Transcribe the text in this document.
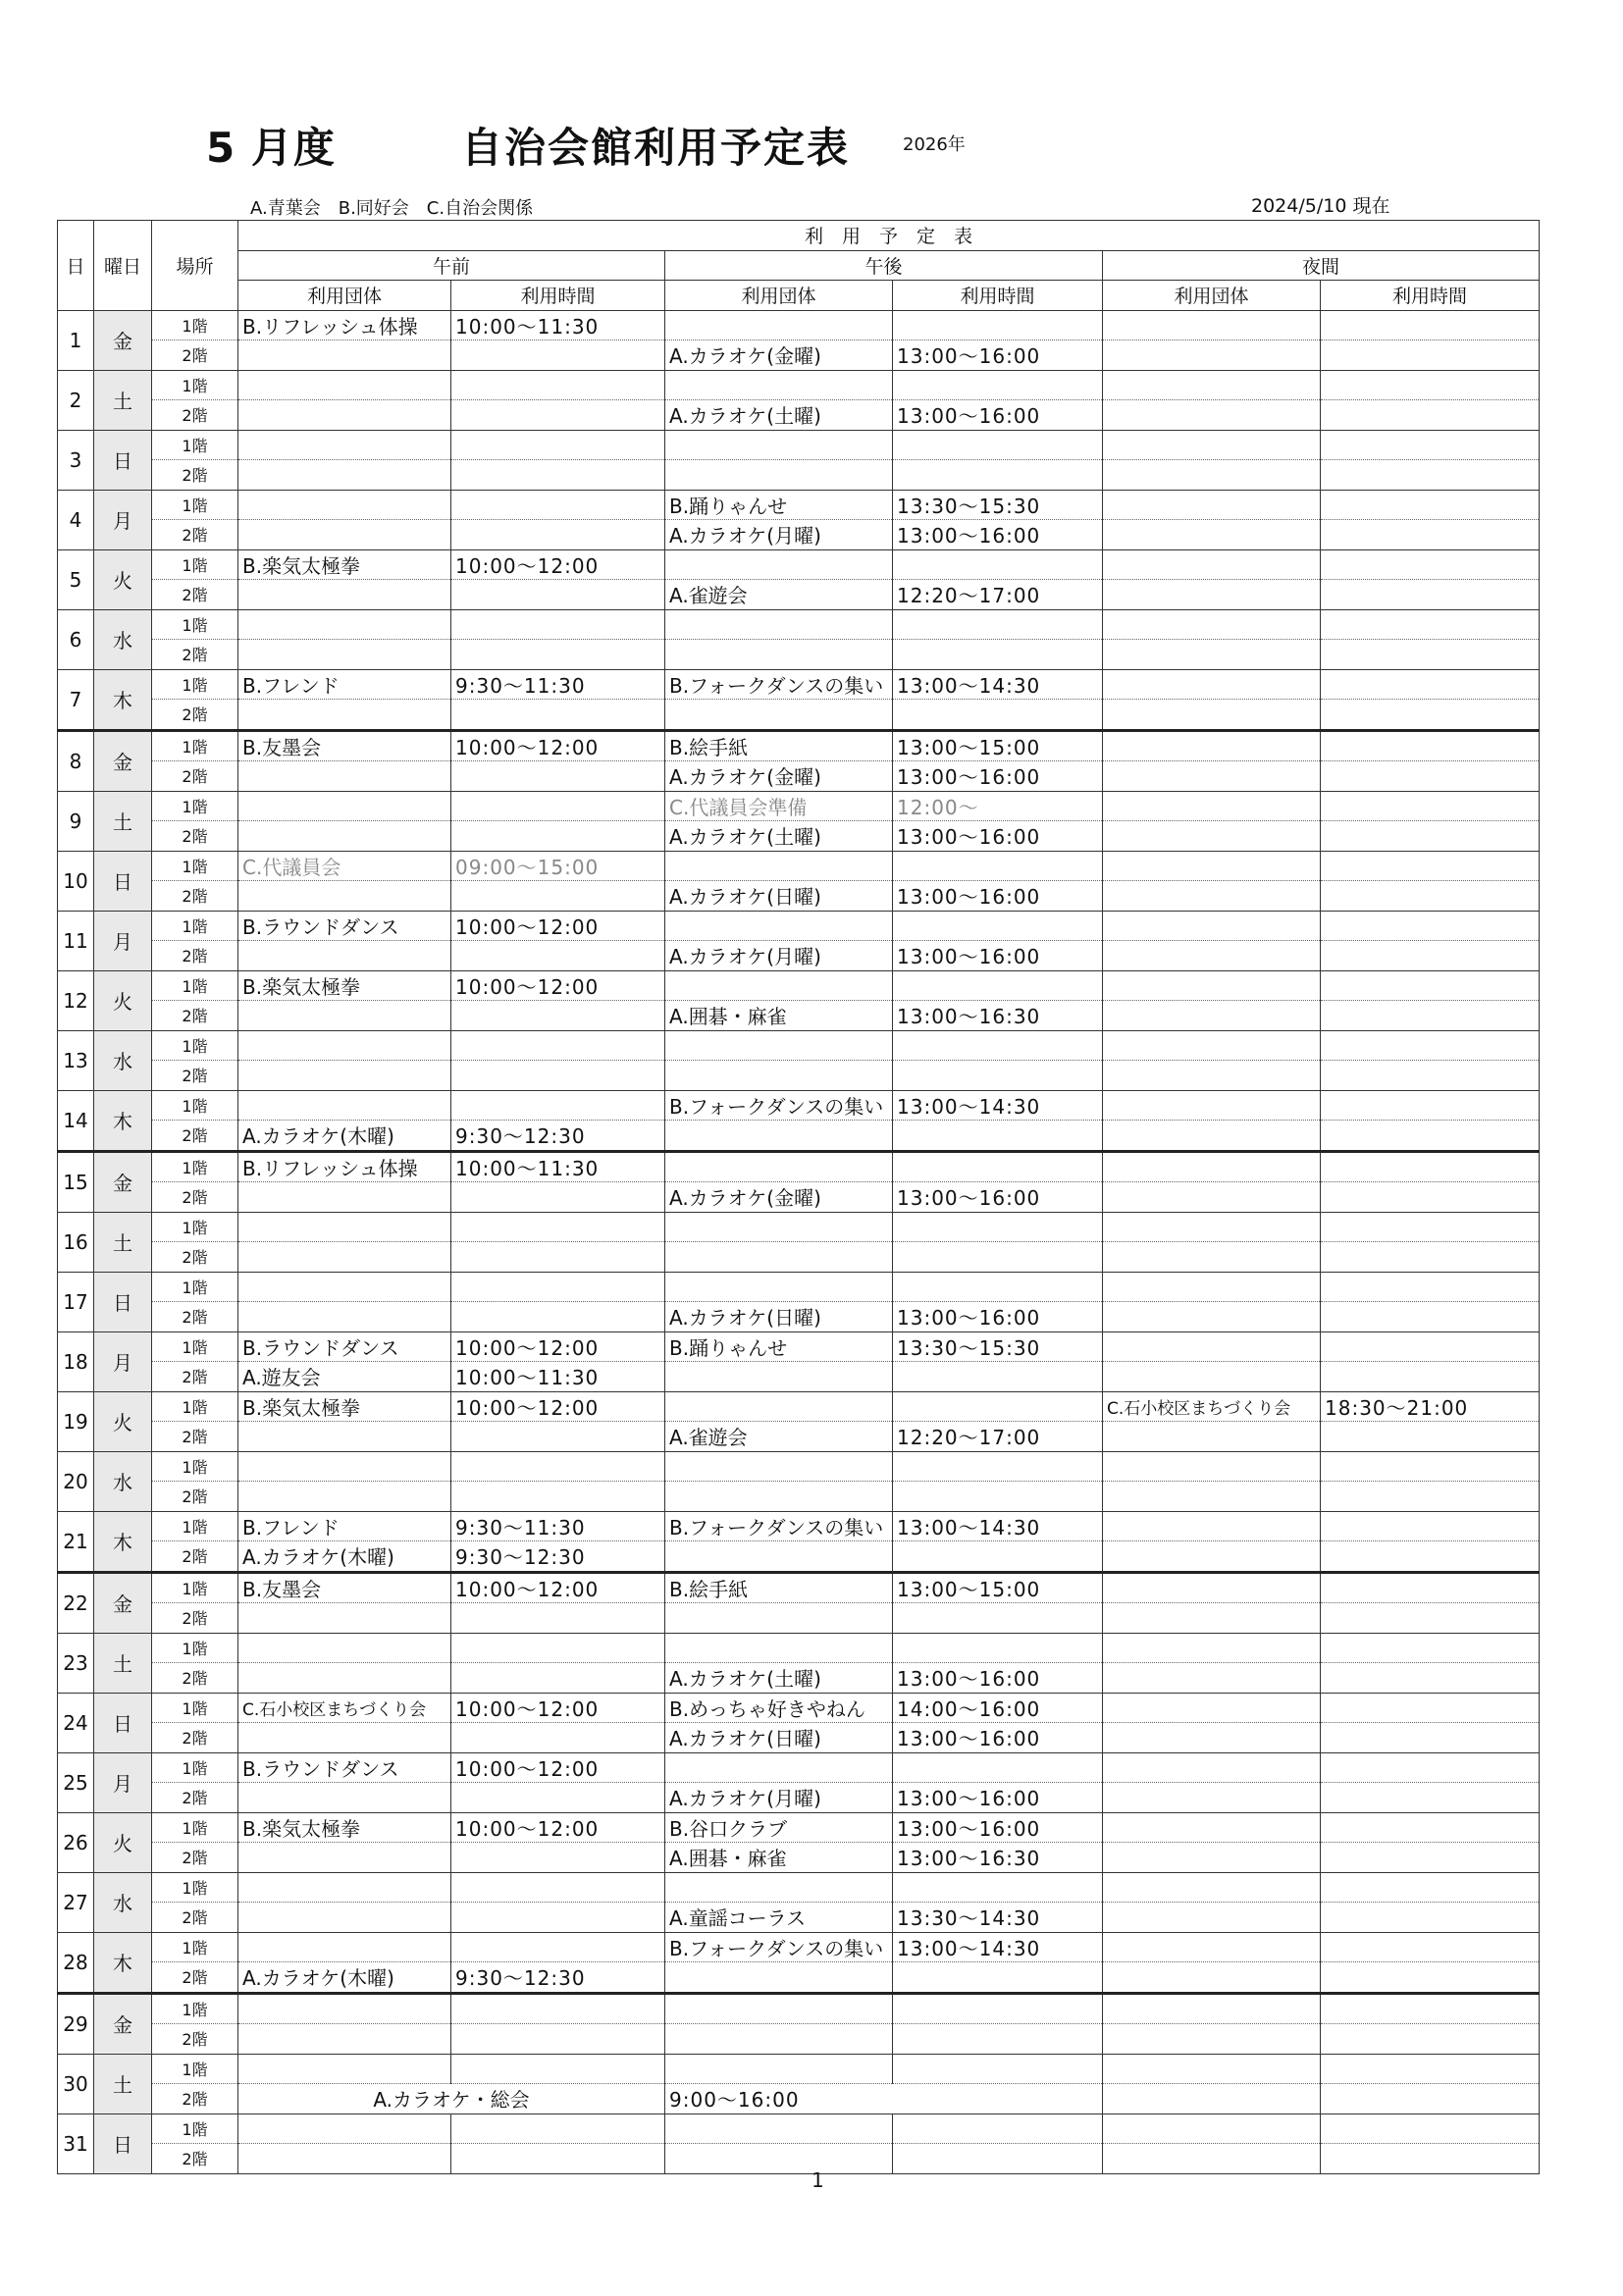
5 月度	自治会館利用予定表	2026年
A.青葉会　B.同好会　C.自治会関係	2024/5/10 現在
日	曜日	場所	利　用　予　定　表					
			午前		午後		夜間	
			利用団体	利用時間	利用団体	利用時間	利用団体	利用時間
1	金	1階	B.リフレッシュ体操	10:00～11:30				
		2階			A.カラオケ(金曜)	13:00～16:00		
2	土	1階						
		2階			A.カラオケ(土曜)	13:00～16:00		
3	日	1階						
		2階						
4	月	1階			B.踊りゃんせ	13:30～15:30		
		2階			A.カラオケ(月曜)	13:00～16:00		
5	火	1階	B.楽気太極拳	10:00～12:00				
		2階			A.雀遊会	12:20～17:00		
6	水	1階						
		2階						
7	木	1階	B.フレンド	9:30～11:30	B.フォークダンスの集い	13:00～14:30		
		2階						
8	金	1階	B.友墨会	10:00～12:00	B.絵手紙	13:00～15:00		
		2階			A.カラオケ(金曜)	13:00～16:00		
9	土	1階			C.代議員会準備	12:00～		
		2階			A.カラオケ(土曜)	13:00～16:00		
10	日	1階	C.代議員会	09:00～15:00				
		2階			A.カラオケ(日曜)	13:00～16:00		
11	月	1階	B.ラウンドダンス	10:00～12:00				
		2階			A.カラオケ(月曜)	13:00～16:00		
12	火	1階	B.楽気太極拳	10:00～12:00				
		2階			A.囲碁・麻雀	13:00～16:30		
13	水	1階						
		2階						
14	木	1階			B.フォークダンスの集い	13:00～14:30		
		2階	A.カラオケ(木曜)	9:30～12:30				
15	金	1階	B.リフレッシュ体操	10:00～11:30				
		2階			A.カラオケ(金曜)	13:00～16:00		
16	土	1階						
		2階						
17	日	1階						
		2階			A.カラオケ(日曜)	13:00～16:00		
18	月	1階	B.ラウンドダンス	10:00～12:00	B.踊りゃんせ	13:30～15:30		
		2階	A.遊友会	10:00～11:30				
19	火	1階	B.楽気太極拳	10:00～12:00			C.石小校区まちづくり会	18:30～21:00
		2階			A.雀遊会	12:20～17:00		
20	水	1階						
		2階						
21	木	1階	B.フレンド	9:30～11:30	B.フォークダンスの集い	13:00～14:30		
		2階	A.カラオケ(木曜)	9:30～12:30				
22	金	1階	B.友墨会	10:00～12:00	B.絵手紙	13:00～15:00		
		2階						
23	土	1階						
		2階			A.カラオケ(土曜)	13:00～16:00		
24	日	1階	C.石小校区まちづくり会	10:00～12:00	B.めっちゃ好きやねん	14:00～16:00		
		2階			A.カラオケ(日曜)	13:00～16:00		
25	月	1階	B.ラウンドダンス	10:00～12:00				
		2階			A.カラオケ(月曜)	13:00～16:00		
26	火	1階	B.楽気太極拳	10:00～12:00	B.谷口クラブ	13:00～16:00		
		2階			A.囲碁・麻雀	13:00～16:30		
27	水	1階						
		2階			A.童謡コーラス	13:30～14:30		
28	木	1階			B.フォークダンスの集い	13:00～14:30		
		2階	A.カラオケ(木曜)	9:30～12:30				
29	金	1階						
		2階						
30	土	1階						
		2階	A.カラオケ・総会		9:00～16:00			
31	日	1階						
		2階						
1
